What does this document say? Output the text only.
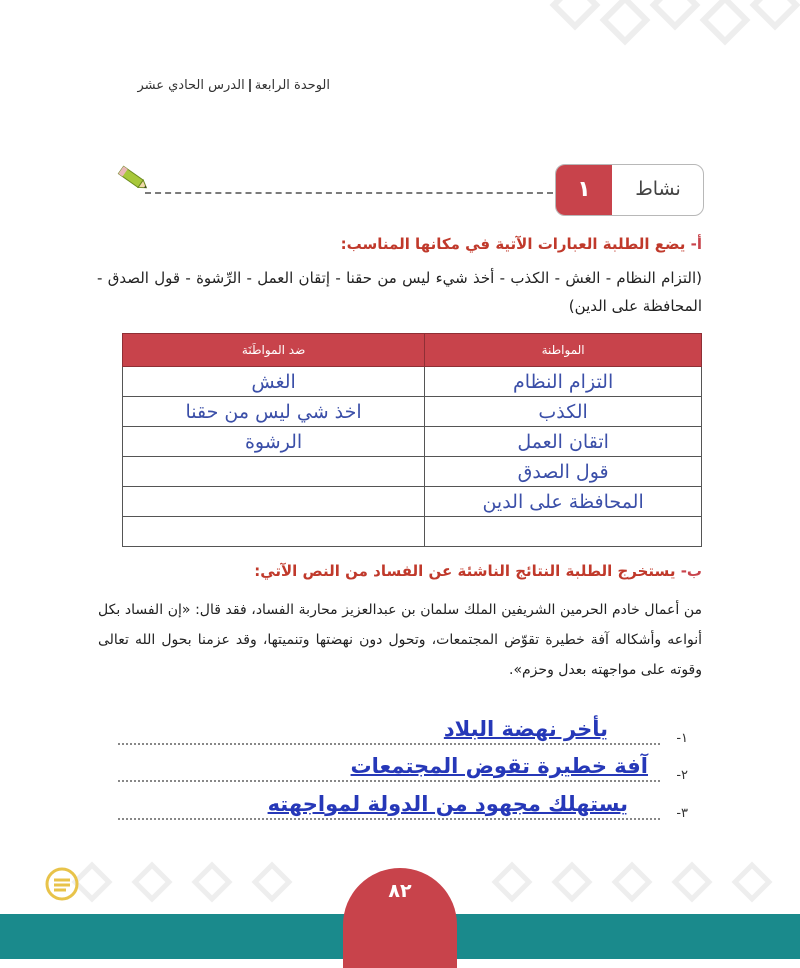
الوحدة الرابعةالدرس الحادي عشر
نشاط
١
أ- يضع الطلبة العبارات الآتية في مكانها المناسب:
(التزام النظام - الغش - الكذب - أخذ شيء ليس من حقنا - إتقان العمل - الرِّشوة - قول الصدق - المحافظة على الدين)
المواطنة	ضد المواطَنَة
التزام النظام	الغش
الكذب	اخذ شي ليس من حقنا
اتقان العمل	الرشوة
قول الصدق	
المحافظة على الدين	

ب- يستخرج الطلبة النتائج الناشئة عن الفساد من النص الآتي:
من أعمال خادم الحرمين الشريفين الملك سلمان بن عبدالعزيز محاربة الفساد، فقد قال: «إن الفساد بكل أنواعه وأشكاله آفة خطيرة تقوّض المجتمعات، وتحول دون نهضتها وتنميتها، وقد عزمنا بحول الله تعالى وقوته على مواجهته بعدل وحزم».
١-
يأخر نهضة البلاد
٢-
آفة خطيرة تقوض المجتمعات
٣-
يستهلك مجهود من الدولة لمواجهته
٨٢
